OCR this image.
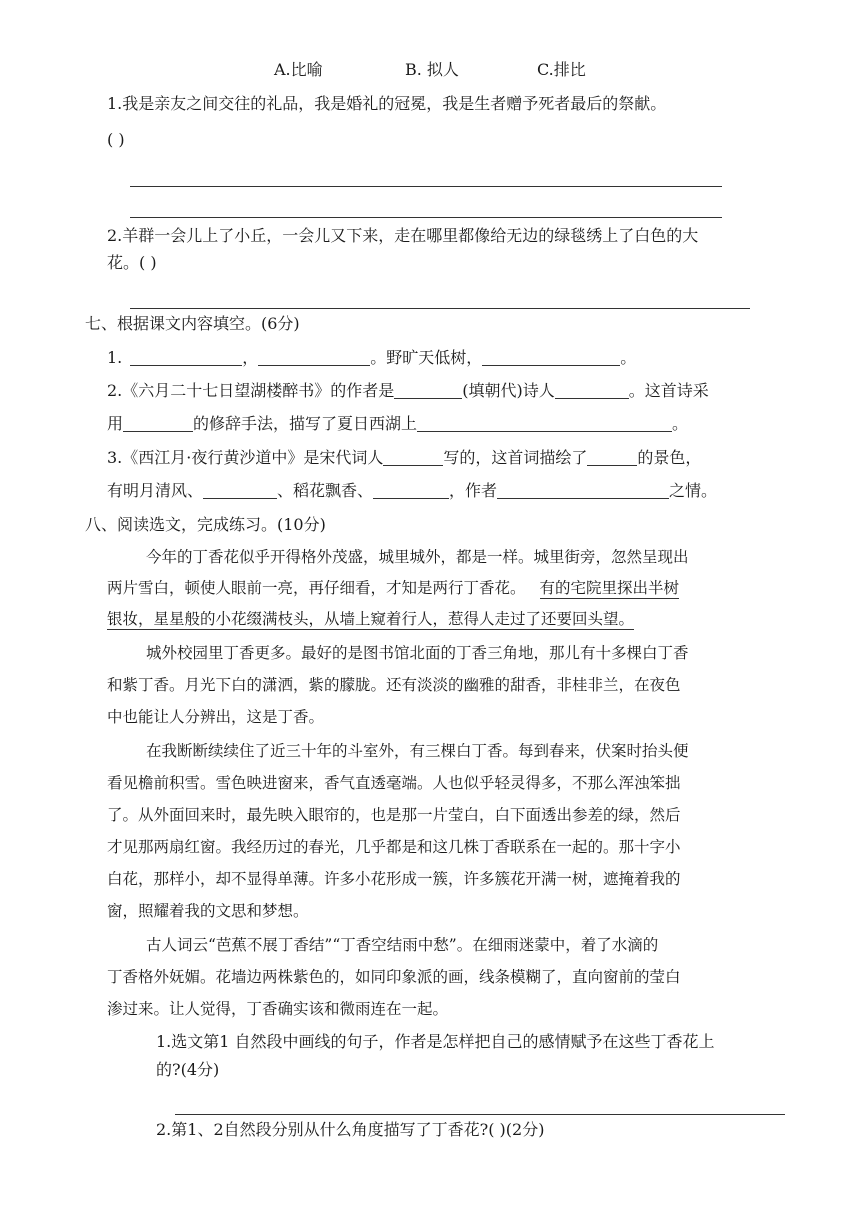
A.比喻	B. 拟人	C.排比
1.我是亲友之间交往的礼品，我是婚礼的冠冕，我是生者赠予死者最后的祭献。
( )
2.羊群一会儿上了小丘，一会儿又下来，走在哪里都像给无边的绿毯绣上了白色的大
花。( )
七、根据课文内容填空。(6分)
1.	，	。野旷天低树，	。
2.《六月二十七日望湖楼醉书》的作者是	(填朝代)诗人	。这首诗采
用	的修辞手法，描写了夏日西湖上	。
3.《西江月·夜行黄沙道中》是宋代词人	写的，这首词描绘了	的景色，
有明月清风、	、稻花飘香、	，作者	之情。
八、阅读选文，完成练习。(10分)
今年的丁香花似乎开得格外茂盛，城里城外，都是一样。城里街旁，忽然呈现出
两片雪白，顿使人眼前一亮，再仔细看，才知是两行丁香花。 有的宅院里探出半树
银妆，星星般的小花缀满枝头，从墙上窥着行人，惹得人走过了还要回头望。
城外校园里丁香更多。最好的是图书馆北面的丁香三角地，那儿有十多棵白丁香
和紫丁香。月光下白的潇洒，紫的朦胧。还有淡淡的幽雅的甜香，非桂非兰，在夜色
中也能让人分辨出，这是丁香。
在我断断续续住了近三十年的斗室外，有三棵白丁香。每到春来，伏案时抬头便
看见檐前积雪。雪色映进窗来，香气直透毫端。人也似乎轻灵得多，不那么浑浊笨拙
了。从外面回来时，最先映入眼帘的，也是那一片莹白，白下面透出参差的绿，然后
才见那两扇红窗。我经历过的春光，几乎都是和这几株丁香联系在一起的。那十字小
白花，那样小，却不显得单薄。许多小花形成一簇，许多簇花开满一树，遮掩着我的
窗，照耀着我的文思和梦想。
古人词云“芭蕉不展丁香结”“丁香空结雨中愁”。在细雨迷蒙中，着了水滴的
丁香格外妩媚。花墙边两株紫色的，如同印象派的画，线条模糊了，直向窗前的莹白
渗过来。让人觉得，丁香确实该和微雨连在一起。
1.选文第1 自然段中画线的句子，作者是怎样把自己的感情赋予在这些丁香花上
的?(4分)
2.第1、2自然段分别从什么角度描写了丁香花?( )(2分)
